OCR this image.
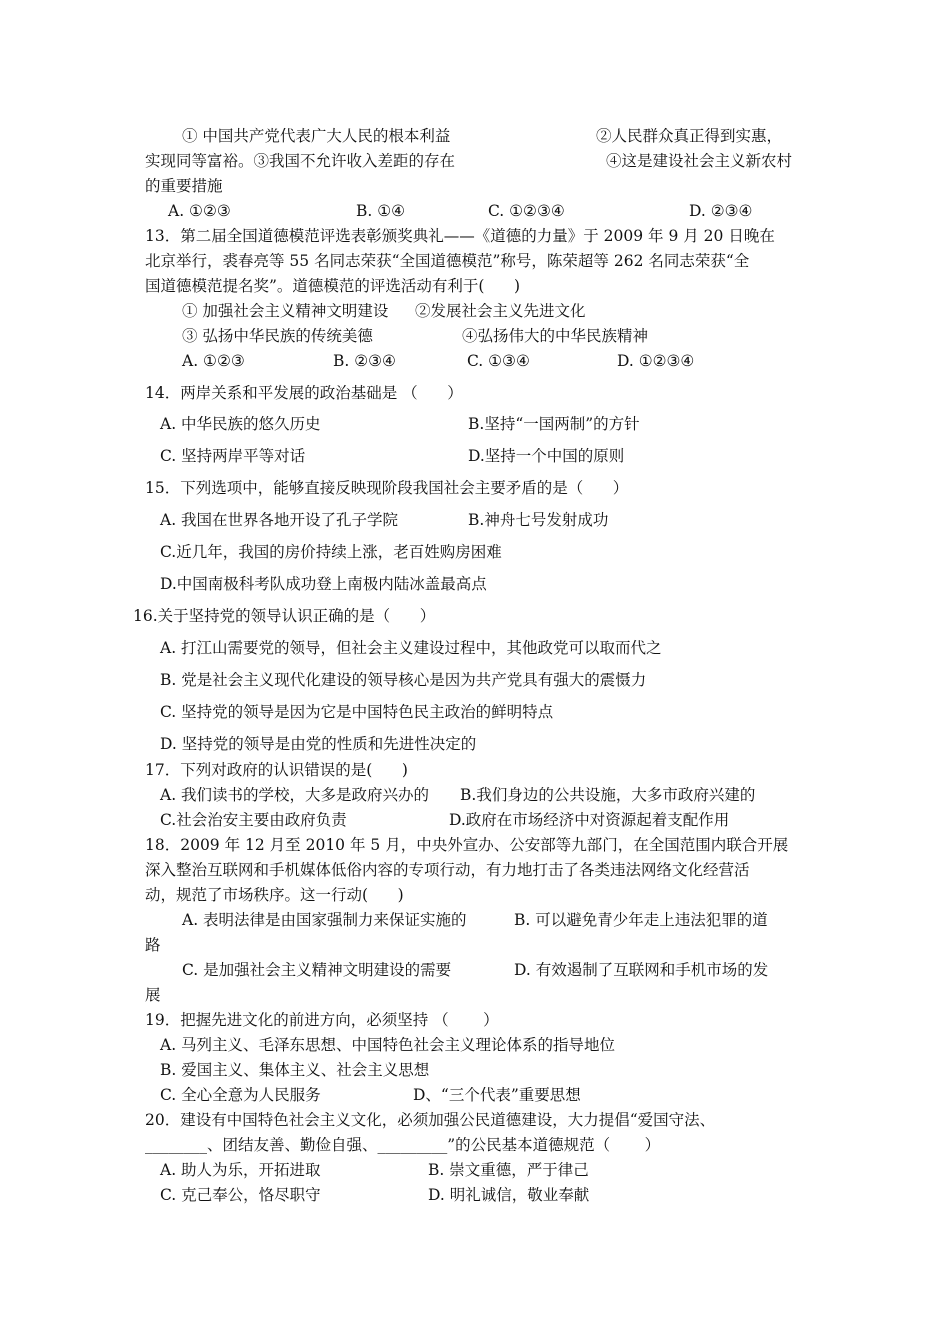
① 中国共产党代表广大人民的根本利益	②人民群众真正得到实惠，
实现同等富裕。③我国不允许收入差距的存在	④这是建设社会主义新农村
的重要措施
A. ①②③	B. ①④	C. ①②③④	D. ②③④
13．第二届全国道德模范评选表彰颁奖典礼——《道德的力量》于 2009 年 9 月 20 日晚在
北京举行，裘春亮等 55 名同志荣获“全国道德模范”称号，陈荣超等 262 名同志荣获“全
国道德模范提名奖”。道德模范的评选活动有利于(      )
① 加强社会主义精神文明建设 ②发展社会主义先进文化
③ 弘扬中华民族的传统美德	④弘扬伟大的中华民族精神
A. ①②③	B. ②③④	C. ①③④	D. ①②③④
14．两岸关系和平发展的政治基础是 （      ）
A. 中华民族的悠久历史	B.坚持“一国两制”的方针
C. 坚持两岸平等对话	D.坚持一个中国的原则
15．下列选项中，能够直接反映现阶段我国社会主要矛盾的是（      ）
A. 我国在世界各地开设了孔子学院	B.神舟七号发射成功
C.近几年，我国的房价持续上涨，老百姓购房困难
D.中国南极科考队成功登上南极内陆冰盖最高点
16.关于坚持党的领导认识正确的是（      ）
A. 打江山需要党的领导，但社会主义建设过程中，其他政党可以取而代之
B. 党是社会主义现代化建设的领导核心是因为共产党具有强大的震慑力
C. 坚持党的领导是因为它是中国特色民主政治的鲜明特点
D. 坚持党的领导是由党的性质和先进性决定的
17．下列对政府的认识错误的是(      )
A. 我们读书的学校，大多是政府兴办的 B.我们身边的公共设施，大多市政府兴建的
C.社会治安主要由政府负责	D.政府在市场经济中对资源起着支配作用
18．2009 年 12 月至 2010 年 5 月，中央外宣办、公安部等九部门，在全国范围内联合开展
深入整治互联网和手机媒体低俗内容的专项行动，有力地打击了各类违法网络文化经营活
动，规范了市场秩序。这一行动(      )
A. 表明法律是由国家强制力来保证实施的	B. 可以避免青少年走上违法犯罪的道
路
C. 是加强社会主义精神文明建设的需要	D. 有效遏制了互联网和手机市场的发
展
19．把握先进文化的前进方向，必须坚持 （       ）
A. 马列主义、毛泽东思想、中国特色社会主义理论体系的指导地位
B. 爱国主义、集体主义、社会主义思想
C. 全心全意为人民服务	D、“三个代表”重要思想
20．建设有中国特色社会主义文化，必须加强公民道德建设，大力提倡“爱国守法、
________、团结友善、勤俭自强、_________”的公民基本道德规范（       ）
A. 助人为乐，开拓进取	B. 崇文重德，严于律己
C. 克己奉公，恪尽职守	D. 明礼诚信，敬业奉献
